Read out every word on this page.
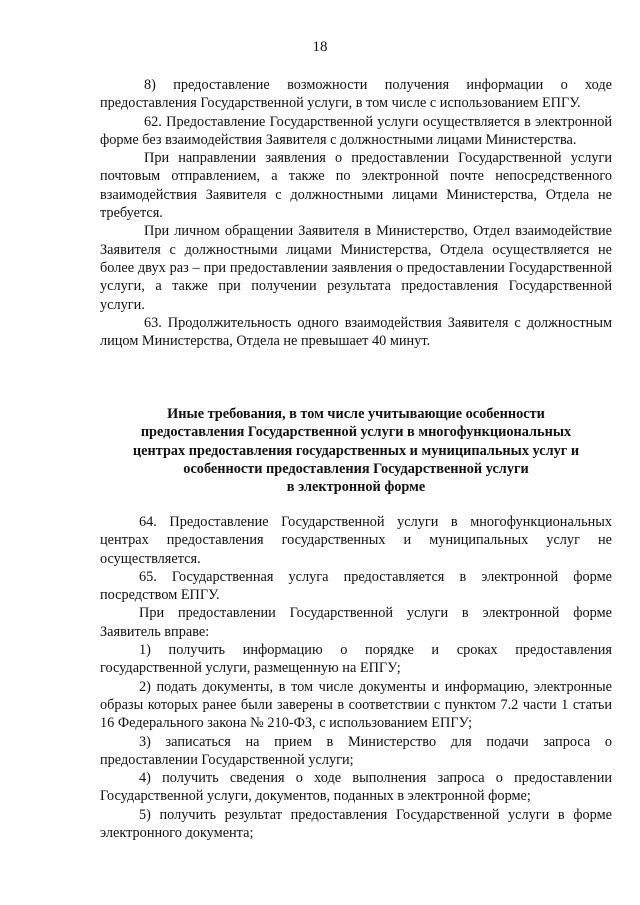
18

8) предоставление возможности получения информации о ходе предоставления Государственной услуги, в том числе с использованием ЕПГУ.

62. Предоставление Государственной услуги осуществляется в электронной форме без взаимодействия Заявителя с должностными лицами Министерства.

При направлении заявления о предоставлении Государственной услуги почтовым отправлением, а также по электронной почте непосредственного взаимодействия Заявителя с должностными лицами Министерства, Отдела не требуется.

При личном обращении Заявителя в Министерство, Отдел взаимодействие Заявителя с должностными лицами Министерства, Отдела осуществляется не более двух раз – при предоставлении заявления о предоставлении Государственной услуги, а также при получении результата предоставления Государственной услуги.

63. Продолжительность одного взаимодействия Заявителя с должностным лицом Министерства, Отдела не превышает 40 минут.

Иные требования, в том числе учитывающие особенности
предоставления Государственной услуги в многофункциональных
центрах предоставления государственных и муниципальных услуг и
особенности предоставления Государственной услуги
в электронной форме

64. Предоставление Государственной услуги в многофункциональных центрах предоставления государственных и муниципальных услуг не осуществляется.

65. Государственная услуга предоставляется в электронной форме посредством ЕПГУ.

При предоставлении Государственной услуги в электронной форме Заявитель вправе:

1) получить информацию о порядке и сроках предоставления государственной услуги, размещенную на ЕПГУ;

2) подать документы, в том числе документы и информацию, электронные образы которых ранее были заверены в соответствии с пунктом 7.2 части 1 статьи 16 Федерального закона № 210-ФЗ, с использованием ЕПГУ;

3) записаться на прием в Министерство для подачи запроса о предоставлении Государственной услуги;

4) получить сведения о ходе выполнения запроса о предоставлении Государственной услуги, документов, поданных в электронной форме;

5) получить результат предоставления Государственной услуги в форме электронного документа;
